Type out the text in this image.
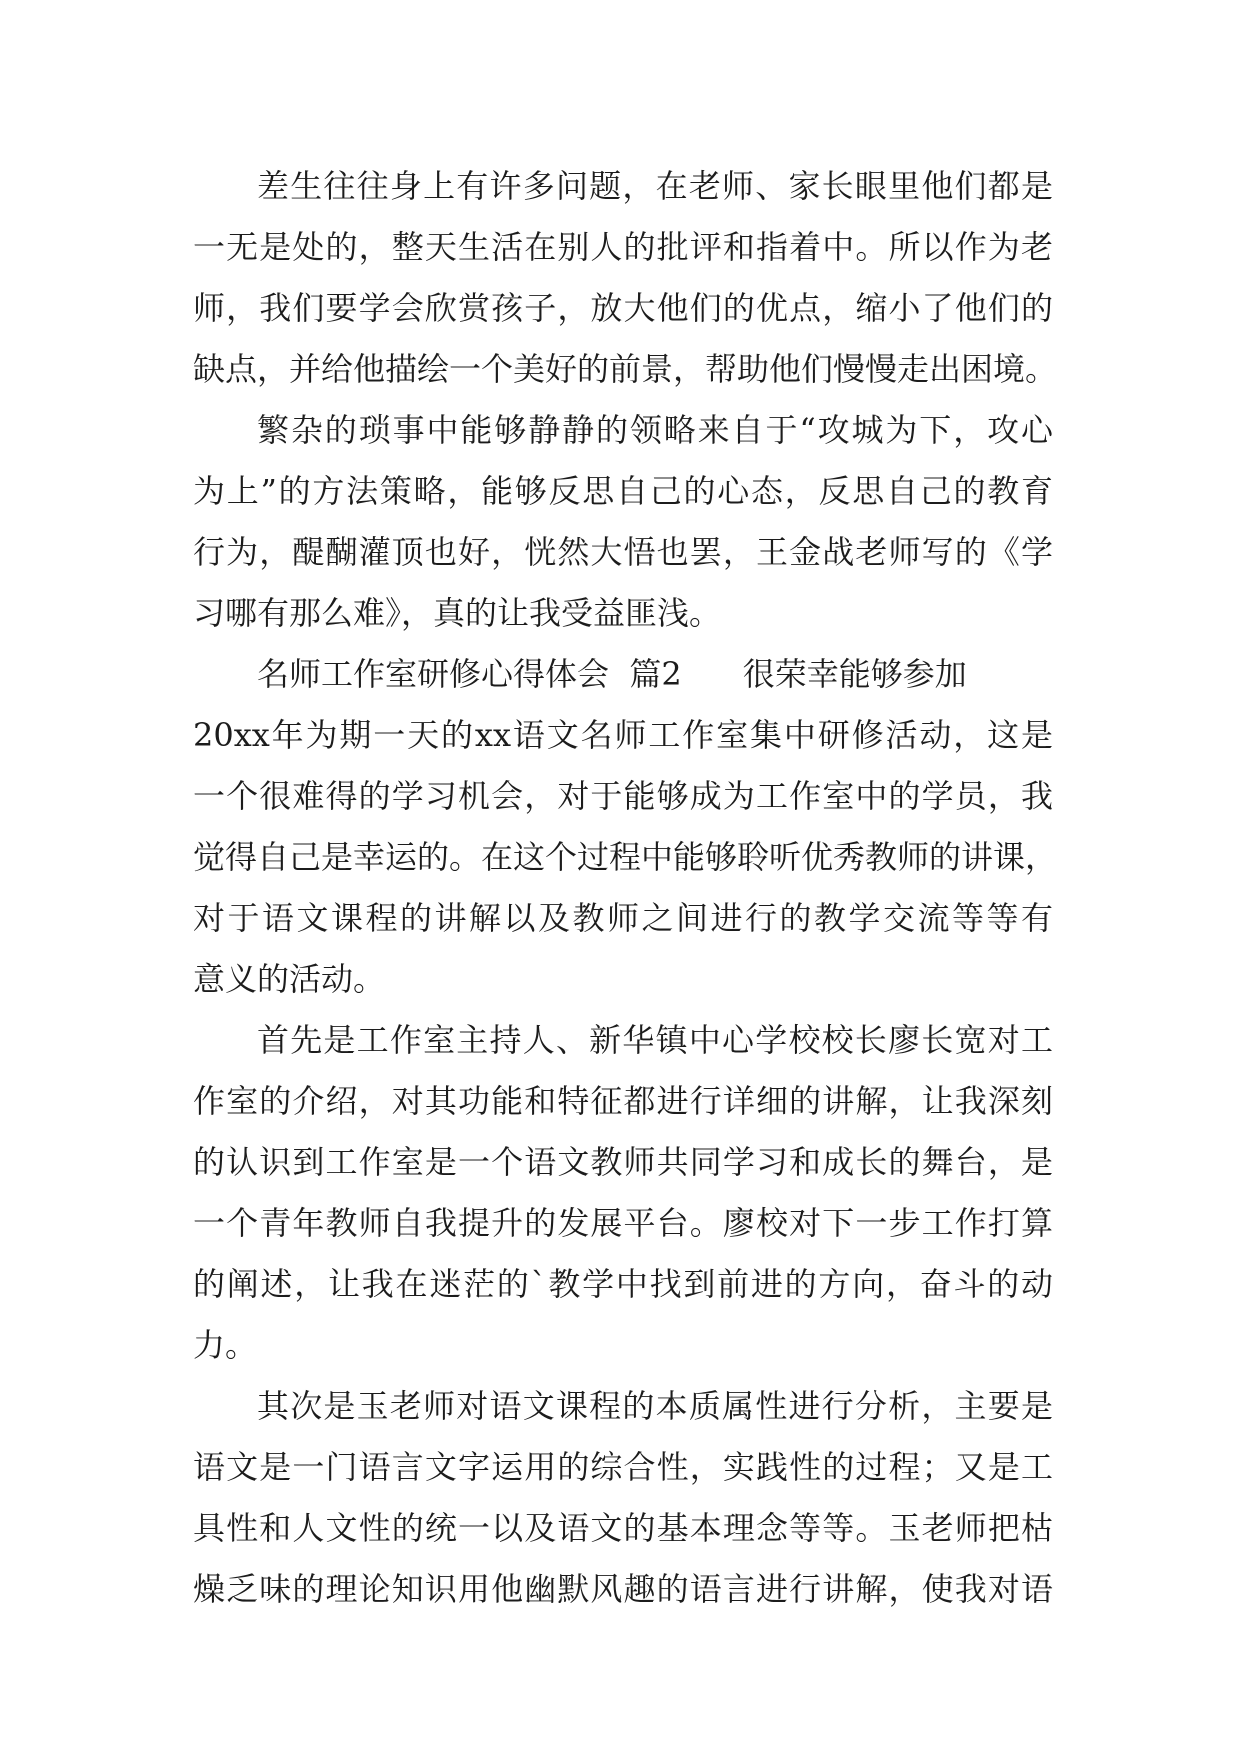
差生往往身上有许多问题，在老师、家长眼里他们都是
一无是处的，整天生活在别人的批评和指着中。所以作为老
师，我们要学会欣赏孩子，放大他们的优点，缩小了他们的
缺点，并给他描绘一个美好的前景，帮助他们慢慢走出困境。
繁杂的琐事中能够静静的领略来自于“攻城为下，攻心
为上”的方法策略，能够反思自己的心态，反思自己的教育
行为，醍醐灌顶也好，恍然大悟也罢，王金战老师写的《学
习哪有那么难》，真的让我受益匪浅。
名师工作室研修心得体会  篇2      很荣幸能够参加
20xx年为期一天的xx语文名师工作室集中研修活动，这是
一个很难得的学习机会，对于能够成为工作室中的学员，我
觉得自己是幸运的。在这个过程中能够聆听优秀教师的讲课，
对于语文课程的讲解以及教师之间进行的教学交流等等有
意义的活动。
首先是工作室主持人、新华镇中心学校校长廖长宽对工
作室的介绍，对其功能和特征都进行详细的讲解，让我深刻
的认识到工作室是一个语文教师共同学习和成长的舞台，是
一个青年教师自我提升的发展平台。廖校对下一步工作打算
的阐述，让我在迷茫的`教学中找到前进的方向，奋斗的动
力。
其次是玉老师对语文课程的本质属性进行分析，主要是
语文是一门语言文字运用的综合性，实践性的过程；又是工
具性和人文性的统一以及语文的基本理念等等。玉老师把枯
燥乏味的理论知识用他幽默风趣的语言进行讲解，使我对语
